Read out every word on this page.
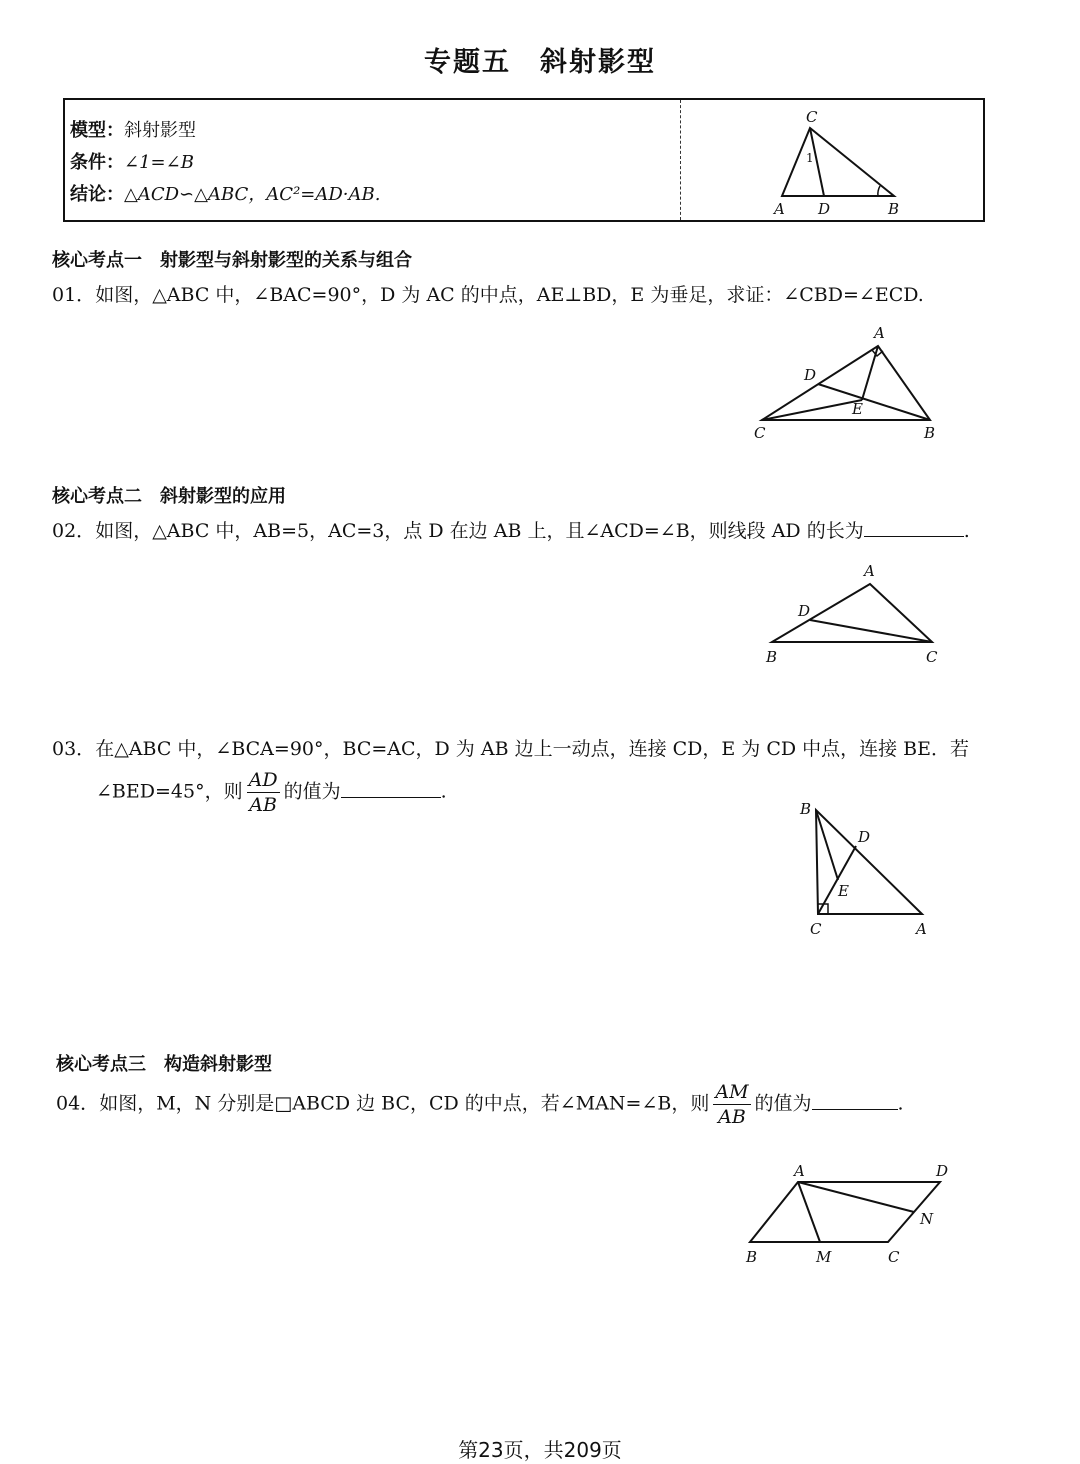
专题五　斜射影型
模型：斜射影型
条件：∠1=∠B
结论：△ACD∽△ABC，AC²=AD·AB.
C
1
A D	B
核心考点一 射影型与斜射影型的关系与组合
01．如图，△ABC 中，∠BAC=90°，D 为 AC 的中点，AE⊥BD，E 为垂足，求证：∠CBD=∠ECD.
A
D
E
C	B
核心考点二 斜射影型的应用
02．如图，△ABC 中，AB=5，AC=3，点 D 在边 AB 上，且∠ACD=∠B，则线段 AD 的长为	.
A
D
B	C
03．在△ABC 中，∠BCA=90°，BC=AC，D 为 AB 边上一动点，连接 CD，E 为 CD 中点，连接 BE．若
∠BED=45°，则 $\frac{AD}{AB}$ 的值为	.
B
D
E
C	A
核心考点三 构造斜射影型
04．如图，M，N 分别是□ABCD 边 BC，CD 的中点，若∠MAN=∠B，则 $\frac{AM}{AB}$ 的值为	.
A	D
N
B	M	C
第23页，共209页
